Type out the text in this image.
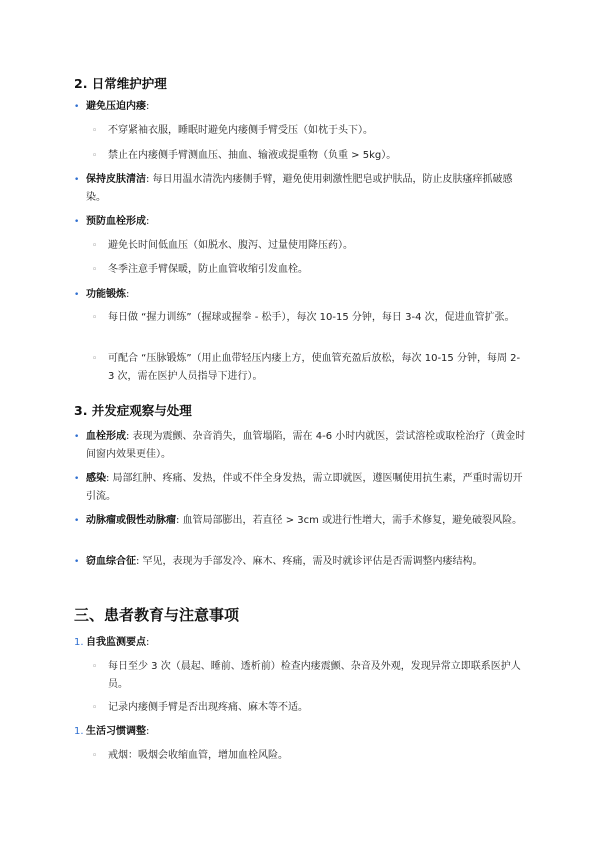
2. 日常维护护理
• 避免压迫内瘘:
◦ 不穿紧袖衣服，睡眠时避免内瘘侧手臂受压（如枕于头下）。
◦ 禁止在内瘘侧手臂测血压、抽血、输液或提重物（负重 > 5kg）。
• 保持皮肤清洁: 每日用温水清洗内瘘侧手臂，避免使用刺激性肥皂或护肤品，防止皮肤瘙痒抓破感染。
• 预防血栓形成:
◦ 避免长时间低血压（如脱水、腹泻、过量使用降压药）。
◦ 冬季注意手臂保暖，防止血管收缩引发血栓。
• 功能锻炼:
◦ 每日做 “握力训练”（握球或握拳 - 松手），每次 10-15 分钟，每日 3-4 次，促进血管扩张。
◦ 可配合 “压脉锻炼”（用止血带轻压内瘘上方，使血管充盈后放松，每次 10-15 分钟，每周 2-3 次，需在医护人员指导下进行）。
3. 并发症观察与处理
• 血栓形成: 表现为震颤、杂音消失，血管塌陷，需在 4-6 小时内就医，尝试溶栓或取栓治疗（黄金时间窗内效果更佳）。
• 感染: 局部红肿、疼痛、发热，伴或不伴全身发热，需立即就医，遵医嘱使用抗生素，严重时需切开引流。
• 动脉瘤或假性动脉瘤: 血管局部膨出，若直径 > 3cm 或进行性增大，需手术修复，避免破裂风险。
• 窃血综合征: 罕见，表现为手部发冷、麻木、疼痛，需及时就诊评估是否需调整内瘘结构。
三、患者教育与注意事项
1. 自我监测要点:
◦ 每日至少 3 次（晨起、睡前、透析前）检查内瘘震颤、杂音及外观，发现异常立即联系医护人员。
◦ 记录内瘘侧手臂是否出现疼痛、麻木等不适。
1. 生活习惯调整:
◦ 戒烟：吸烟会收缩血管，增加血栓风险。
